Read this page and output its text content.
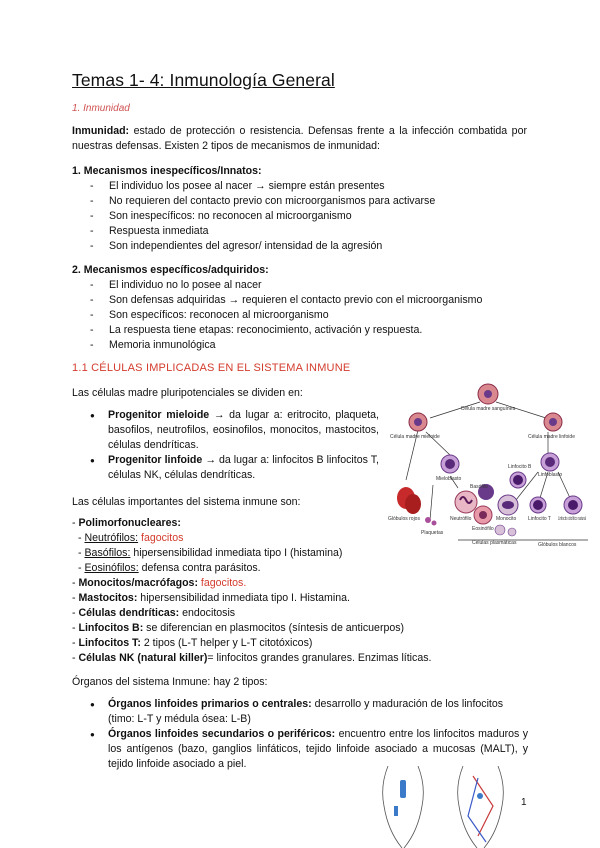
Temas 1- 4: Inmunología General
1. Inmunidad
Inmunidad: estado de protección o resistencia. Defensas frente a la infección combatida por nuestras defensas. Existen 2 tipos de mecanismos de inmunidad:
1. Mecanismos inespecíficos/Innatos:
- El individuo los posee al nacer → siempre están presentes
- No requieren del contacto previo con microorganismos para activarse
- Son inespecíficos: no reconocen al microorganismo
- Respuesta inmediata
- Son independientes del agresor/ intensidad de la agresión
2. Mecanismos específicos/adquiridos:
- El individuo no lo posee al nacer
- Son defensas adquiridas → requieren el contacto previo con el microorganismo
- Son específicos: reconocen al microorganismo
- La respuesta tiene etapas: reconocimiento, activación y respuesta.
- Memoria inmunológica
1.1 CÉLULAS IMPLICADAS EN EL SISTEMA INMUNE
Las células madre pluripotenciales se dividen en:
● Progenitor mieloide → da lugar a: eritrocito, plaqueta, basofilos, neutrofilos, eosinofilos, monocitos, mastocitos, células dendríticas.
● Progenitor linfoide → da lugar a: linfocitos B linfocitos T, células NK, células dendríticas.
Las células importantes del sistema inmune son:
- Polimorfonucleares:
- Neutrófilos: fagocitos
- Basófilos: hipersensibilidad inmediata tipo I (histamina)
- Eosinófilos: defensa contra parásitos.
- Monocitos/macrófagos: fagocitos.
- Mastocitos: hipersensibilidad inmediata tipo I. Histamina.
- Células dendríticas: endocitosis
- Linfocitos B: se diferencian en plasmocitos (síntesis de anticuerpos)
- Linfocitos T: 2 tipos (L-T helper y L-T citotóxicos)
- Células NK (natural killer)= linfocitos grandes granulares. Enzimas líticas.
Órganos del sistema Inmune: hay 2 tipos:
● Órganos linfoides primarios o centrales: desarrollo y maduración de los linfocitos (timo: L-T y médula ósea: L-B)
● Órganos linfoides secundarios o periféricos: encuentro entre los linfocitos maduros y los antígenos (bazo, ganglios linfáticos, tejido linfoide asociado a mucosas (MALT), y tejido linfoide asociado a piel.
Célula madre sanguínea
Célula madre mieloide	Célula madre linfoide
Mieloblasto
Linfoblasto
Glóbulos rojos
Plaquetas
Basófilo
Neutrófilo
Eosinófilo
Monocito
Linfocito B
Linfocito T Linfocito citolítico natural
Células plasmáticas	Glóbulos blancos
1
